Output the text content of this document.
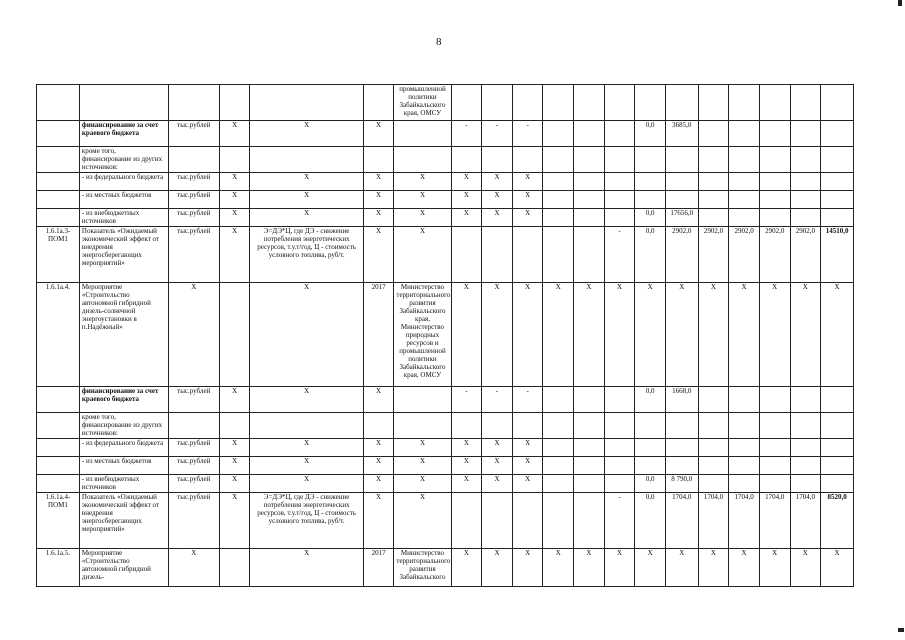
8
						промышленной политики Забайкальского края, ОМСУ													
	финансирование за счет краевого бюджета	тыс.рублей	X	X	X		-	-	-				0,0	3685,0					
	кроме того, финансирование из других источников:																		
	- из федерального бюджета	тыс.рублей	X	X	X	X	X	X	X										
	- из местных бюджетов	тыс.рублей	X	X	X	X	X	X	X										
	- из внебюджетных источников	тыс.рублей	X	X	X	X	X	X	X				0,0	17656,0					
1.6.1а.3-ПОМ1	Показатель «Ожидаемый экономический эффект от внедрения энергосберегающих мероприятий»	тыс.рублей	X	Э=ДЭ*Ц, где ДЭ - снижение потребления энергетических ресурсов, т.у.т/год, Ц - стоимость условного топлива, руб/т.	X	X						-	0,0	2902,0	2902,0	2902,0	2902,0	2902,0	14510,0
1.6.1а.4.	Мероприятие «Строительство автономной гибридной дизель-солнечной энергоустановки в п.Надёжный»	X		X	2017	Министерство территориального развития Забайкальского края, Министерство природных ресурсов и промышленной политики Забайкальского края, ОМСУ	X	X	X	X	X	X	X	X	X	X	X	X	X
	финансирование за счет краевого бюджета	тыс.рублей	X	X	X		-	-	-				0,0	1668,0					
	кроме того, финансирование из других источников:																		
	- из федерального бюджета	тыс.рублей	X	X	X	X	X	X	X										
	- из местных бюджетов	тыс.рублей	X	X	X	X	X	X	X										
	- из внебюджетных источников	тыс.рублей	X	X	X	X	X	X	X				0,0	8 790,0					
1.6.1а.4-ПОМ1	Показатель «Ожидаемый экономический эффект от внедрения энергосберегающих мероприятий»	тыс.рублей	X	Э=ДЭ*Ц, где ДЭ - снижение потребления энергетических ресурсов, т.у.т/год, Ц - стоимость условного топлива, руб/т.	X	X						-	0,0	1704,0	1704,0	1704,0	1704,0	1704,0	8520,0
1.6.1а.5.	Мероприятие «Строительство автономной гибридной дизель-	X		X	2017	Министерство территориального развития Забайкальского	X	X	X	X	X	X	X	X	X	X	X	X	X
